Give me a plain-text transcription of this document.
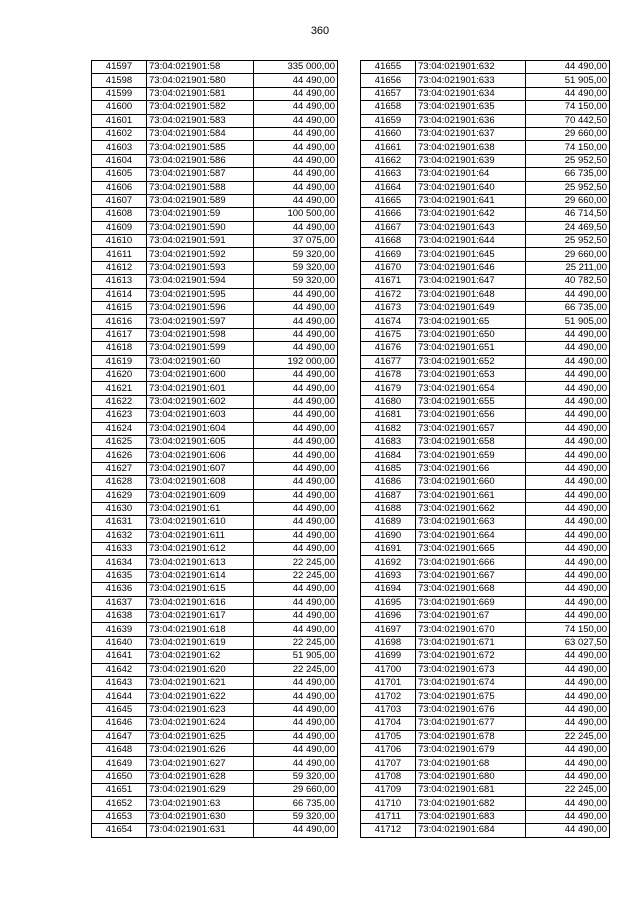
360
41597	73:04:021901:58	335 000,00
41598	73:04:021901:580	44 490,00
41599	73:04:021901:581	44 490,00
41600	73:04:021901:582	44 490,00
41601	73:04:021901:583	44 490,00
41602	73:04:021901:584	44 490,00
41603	73:04:021901:585	44 490,00
41604	73:04:021901:586	44 490,00
41605	73:04:021901:587	44 490,00
41606	73:04:021901:588	44 490,00
41607	73:04:021901:589	44 490,00
41608	73:04:021901:59	100 500,00
41609	73:04:021901:590	44 490,00
41610	73:04:021901:591	37 075,00
41611	73:04:021901:592	59 320,00
41612	73:04:021901:593	59 320,00
41613	73:04:021901:594	59 320,00
41614	73:04:021901:595	44 490,00
41615	73:04:021901:596	44 490,00
41616	73:04:021901:597	44 490,00
41617	73:04:021901:598	44 490,00
41618	73:04:021901:599	44 490,00
41619	73:04:021901:60	192 000,00
41620	73:04:021901:600	44 490,00
41621	73:04:021901:601	44 490,00
41622	73:04:021901:602	44 490,00
41623	73:04:021901:603	44 490,00
41624	73:04:021901:604	44 490,00
41625	73:04:021901:605	44 490,00
41626	73:04:021901:606	44 490,00
41627	73:04:021901:607	44 490,00
41628	73:04:021901:608	44 490,00
41629	73:04:021901:609	44 490,00
41630	73:04:021901:61	44 490,00
41631	73:04:021901:610	44 490,00
41632	73:04:021901:611	44 490,00
41633	73:04:021901:612	44 490,00
41634	73:04:021901:613	22 245,00
41635	73:04:021901:614	22 245,00
41636	73:04:021901:615	44 490,00
41637	73:04:021901:616	44 490,00
41638	73:04:021901:617	44 490,00
41639	73:04:021901:618	44 490,00
41640	73:04:021901:619	22 245,00
41641	73:04:021901:62	51 905,00
41642	73:04:021901:620	22 245,00
41643	73:04:021901:621	44 490,00
41644	73:04:021901:622	44 490,00
41645	73:04:021901:623	44 490,00
41646	73:04:021901:624	44 490,00
41647	73:04:021901:625	44 490,00
41648	73:04:021901:626	44 490,00
41649	73:04:021901:627	44 490,00
41650	73:04:021901:628	59 320,00
41651	73:04:021901:629	29 660,00
41652	73:04:021901:63	66 735,00
41653	73:04:021901:630	59 320,00
41654	73:04:021901:631	44 490,00
41655	73:04:021901:632	44 490,00
41656	73:04:021901:633	51 905,00
41657	73:04:021901:634	44 490,00
41658	73:04:021901:635	74 150,00
41659	73:04:021901:636	70 442,50
41660	73:04:021901:637	29 660,00
41661	73:04:021901:638	74 150,00
41662	73:04:021901:639	25 952,50
41663	73:04:021901:64	66 735,00
41664	73:04:021901:640	25 952,50
41665	73:04:021901:641	29 660,00
41666	73:04:021901:642	46 714,50
41667	73:04:021901:643	24 469,50
41668	73:04:021901:644	25 952,50
41669	73:04:021901:645	29 660,00
41670	73:04:021901:646	25 211,00
41671	73:04:021901:647	40 782,50
41672	73:04:021901:648	44 490,00
41673	73:04:021901:649	66 735,00
41674	73:04:021901:65	51 905,00
41675	73:04:021901:650	44 490,00
41676	73:04:021901:651	44 490,00
41677	73:04:021901:652	44 490,00
41678	73:04:021901:653	44 490,00
41679	73:04:021901:654	44 490,00
41680	73:04:021901:655	44 490,00
41681	73:04:021901:656	44 490,00
41682	73:04:021901:657	44 490,00
41683	73:04:021901:658	44 490,00
41684	73:04:021901:659	44 490,00
41685	73:04:021901:66	44 490,00
41686	73:04:021901:660	44 490,00
41687	73:04:021901:661	44 490,00
41688	73:04:021901:662	44 490,00
41689	73:04:021901:663	44 490,00
41690	73:04:021901:664	44 490,00
41691	73:04:021901:665	44 490,00
41692	73:04:021901:666	44 490,00
41693	73:04:021901:667	44 490,00
41694	73:04:021901:668	44 490,00
41695	73:04:021901:669	44 490,00
41696	73:04:021901:67	44 490,00
41697	73:04:021901:670	74 150,00
41698	73:04:021901:671	63 027,50
41699	73:04:021901:672	44 490,00
41700	73:04:021901:673	44 490,00
41701	73:04:021901:674	44 490,00
41702	73:04:021901:675	44 490,00
41703	73:04:021901:676	44 490,00
41704	73:04:021901:677	44 490,00
41705	73:04:021901:678	22 245,00
41706	73:04:021901:679	44 490,00
41707	73:04:021901:68	44 490,00
41708	73:04:021901:680	44 490,00
41709	73:04:021901:681	22 245,00
41710	73:04:021901:682	44 490,00
41711	73:04:021901:683	44 490,00
41712	73:04:021901:684	44 490,00
